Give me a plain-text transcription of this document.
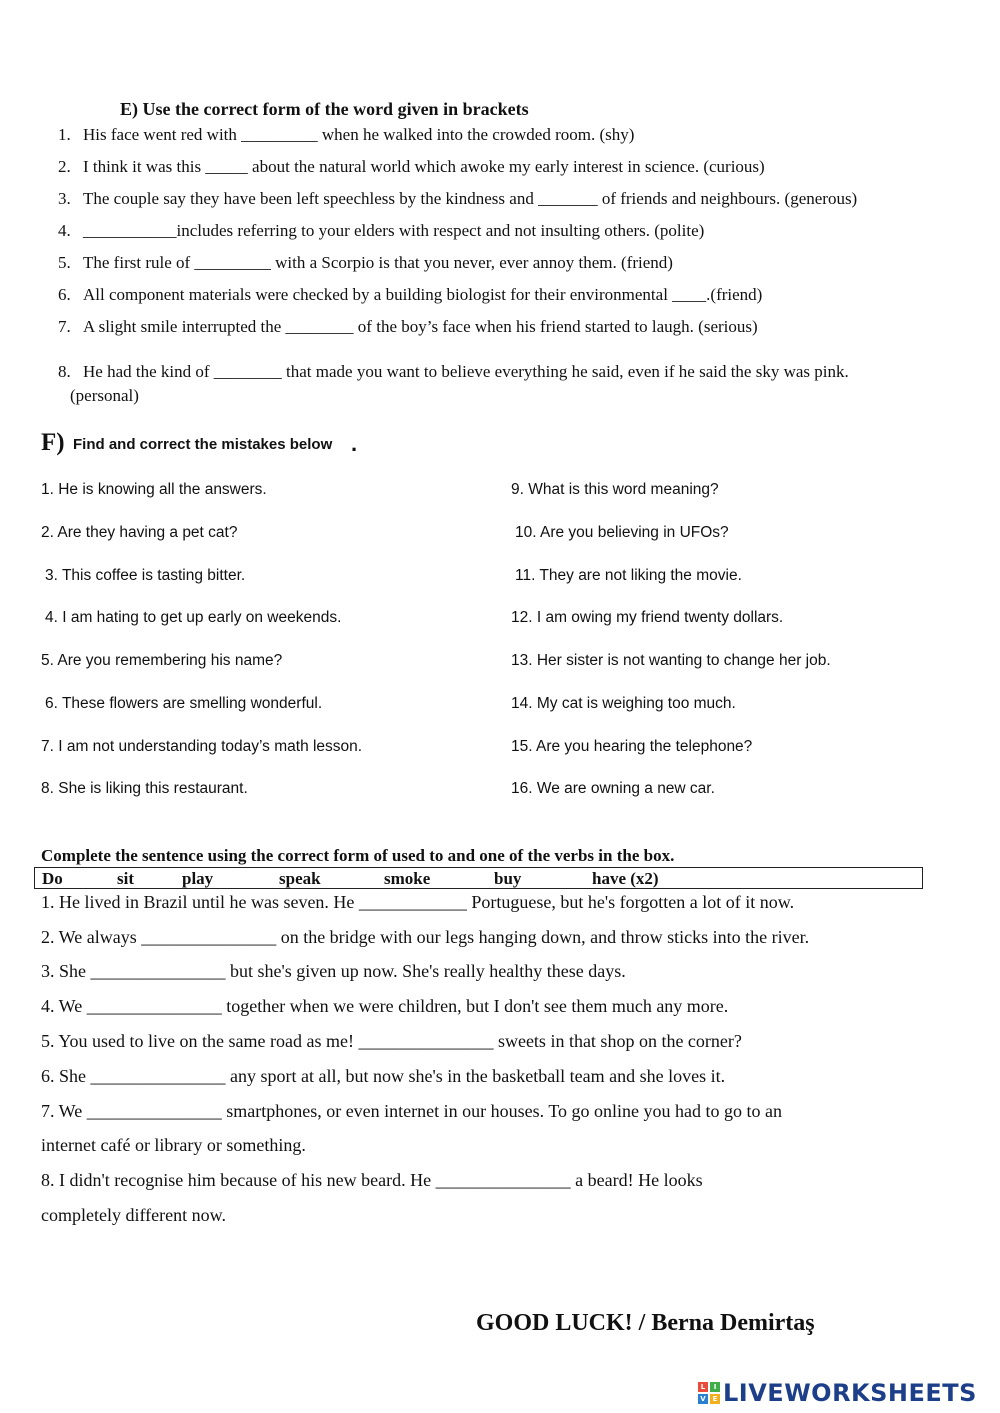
E) Use the correct form of the word given in brackets
1. His face went red with _________ when he walked into the crowded room. (shy)
2. I think it was this _____ about the natural world which awoke my early interest in science. (curious)
3. The couple say they have been left speechless by the kindness and _______ of friends and neighbours. (generous)
4. ___________includes referring to your elders with respect and not insulting others. (polite)
5. The first rule of _________ with a Scorpio is that you never, ever annoy them. (friend)
6. All component materials were checked by a building biologist for their environmental ____.(friend)
7. A slight smile interrupted the ________ of the boy’s face when his friend started to laugh. (serious)
8. He had the kind of ________ that made you want to believe everything he said, even if he said the sky was pink.
(personal)
F) Find and correct the mistakes below .
1. He is knowing all the answers.
2. Are they having a pet cat?
3. This coffee is tasting bitter.
4. I am hating to get up early on weekends.
5. Are you remembering his name?
6. These flowers are smelling wonderful.
7. I am not understanding today’s math lesson.
8. She is liking this restaurant.
9. What is this word meaning?
10. Are you believing in UFOs?
11. They are not liking the movie.
12. I am owing my friend twenty dollars.
13. Her sister is not wanting to change her job.
14. My cat is weighing too much.
15. Are you hearing the telephone?
16. We are owning a new car.
Complete the sentence using the correct form of used to and one of the verbs in the box.
Do	sit	play	speak	smoke	buy	have (x2)
1. He lived in Brazil until he was seven. He ____________ Portuguese, but he's forgotten a lot of it now.
2. We always _______________ on the bridge with our legs hanging down, and throw sticks into the river.
3. She _______________ but she's given up now. She's really healthy these days.
4. We _______________ together when we were children, but I don't see them much any more.
5. You used to live on the same road as me! _______________ sweets in that shop on the corner?
6. She _______________ any sport at all, but now she's in the basketball team and she loves it.
7. We _______________ smartphones, or even internet in our houses. To go online you had to go to an
internet café or library or something.
8. I didn't recognise him because of his new beard. He _______________ a beard! He looks
completely different now.
GOOD LUCK! / Berna Demirtaş
L	I
V E LIVEWORKSHEETS
